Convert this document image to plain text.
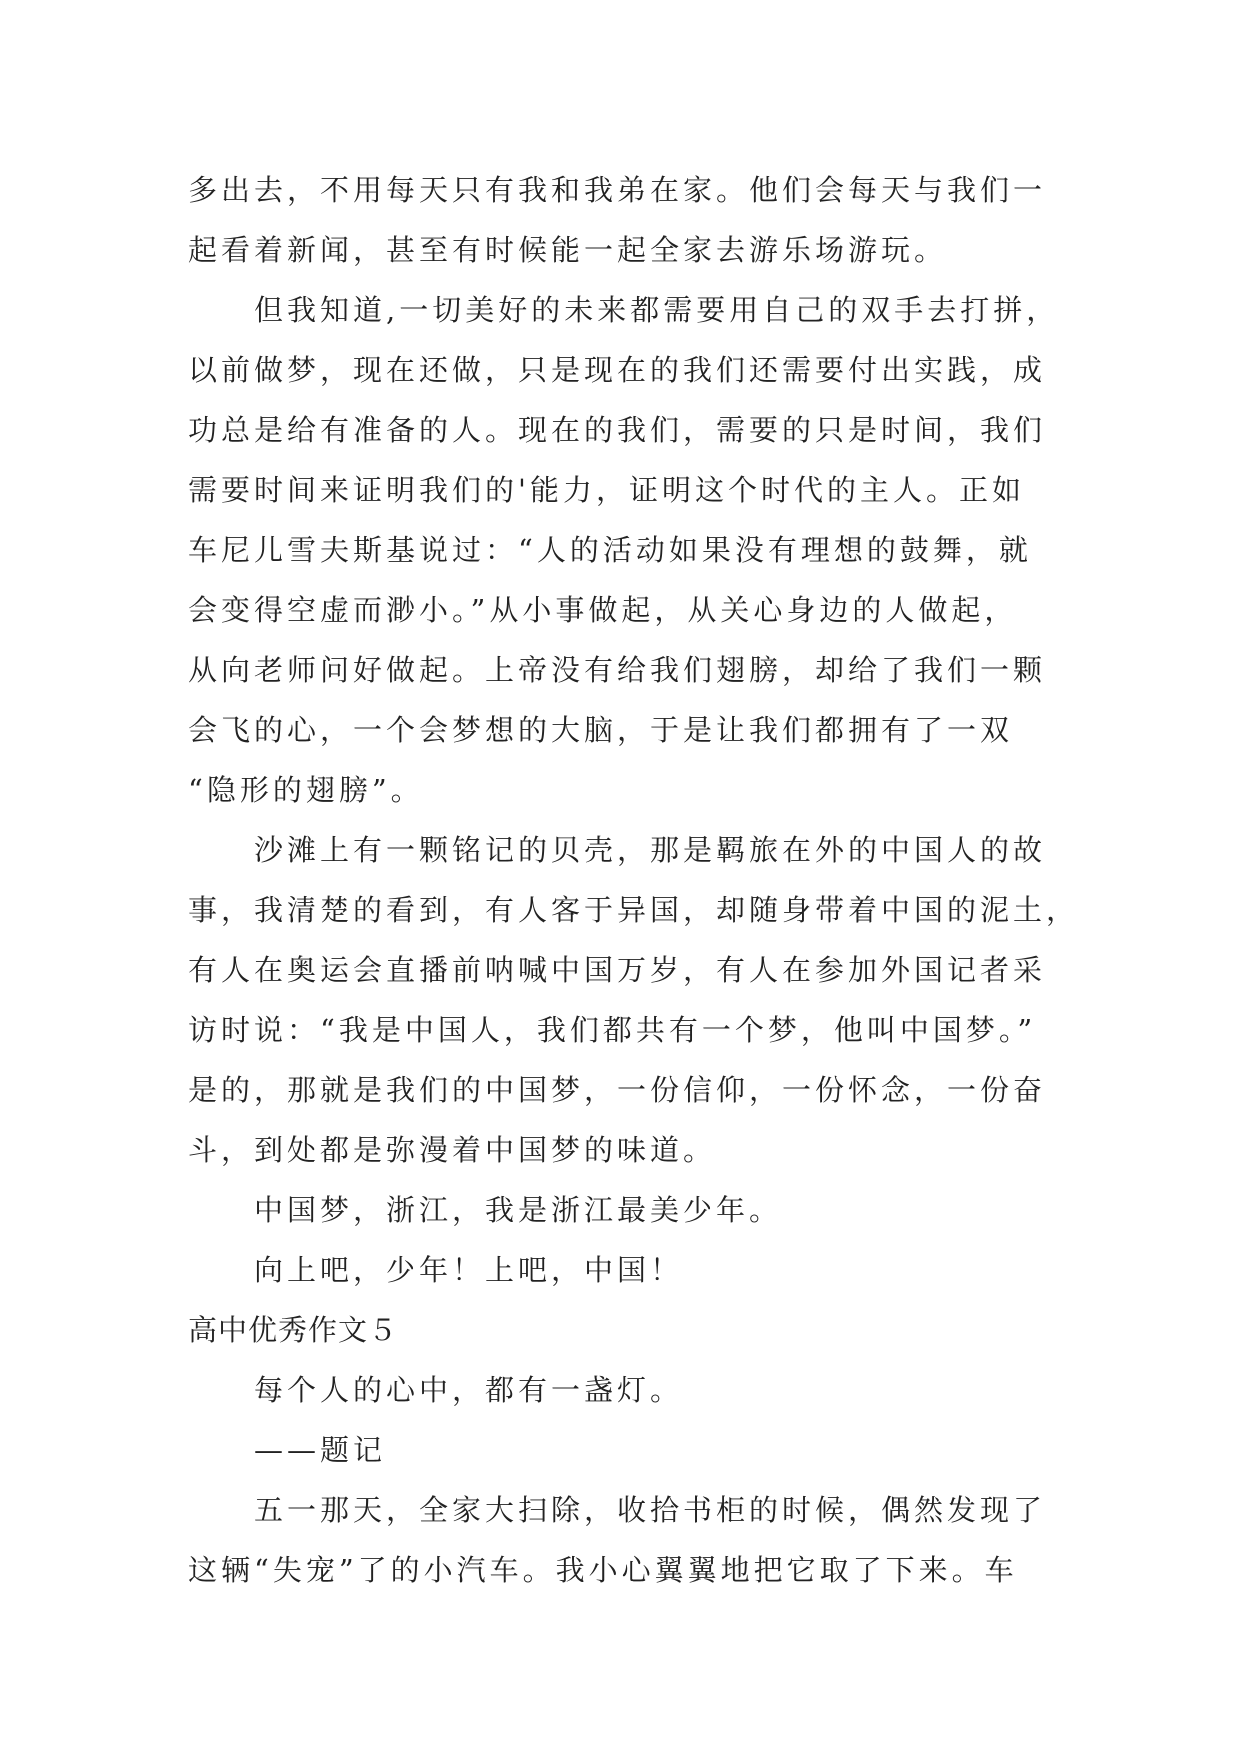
多出去，不用每天只有我和我弟在家。他们会每天与我们一
起看着新闻，甚至有时候能一起全家去游乐场游玩。
但我知道,一切美好的未来都需要用自己的双手去打拼，
以前做梦，现在还做，只是现在的我们还需要付出实践，成
功总是给有准备的人。现在的我们，需要的只是时间，我们
需要时间来证明我们的'能力，证明这个时代的主人。正如
车尼儿雪夫斯基说过：“人的活动如果没有理想的鼓舞，就
会变得空虚而渺小。”从小事做起，从关心身边的人做起，
从向老师问好做起。上帝没有给我们翅膀，却给了我们一颗
会飞的心，一个会梦想的大脑，于是让我们都拥有了一双
“隐形的翅膀”。
沙滩上有一颗铭记的贝壳，那是羁旅在外的中国人的故
事，我清楚的看到，有人客于异国，却随身带着中国的泥土，
有人在奥运会直播前呐喊中国万岁，有人在参加外国记者采
访时说：“我是中国人，我们都共有一个梦，他叫中国梦。”
是的，那就是我们的中国梦，一份信仰，一份怀念，一份奋
斗，到处都是弥漫着中国梦的味道。
中国梦，浙江，我是浙江最美少年。
向上吧，少年！上吧，中国！
高中优秀作文５
每个人的心中，都有一盏灯。
——题记
五一那天，全家大扫除，收拾书柜的时候，偶然发现了
这辆“失宠”了的小汽车。我小心翼翼地把它取了下来。车
